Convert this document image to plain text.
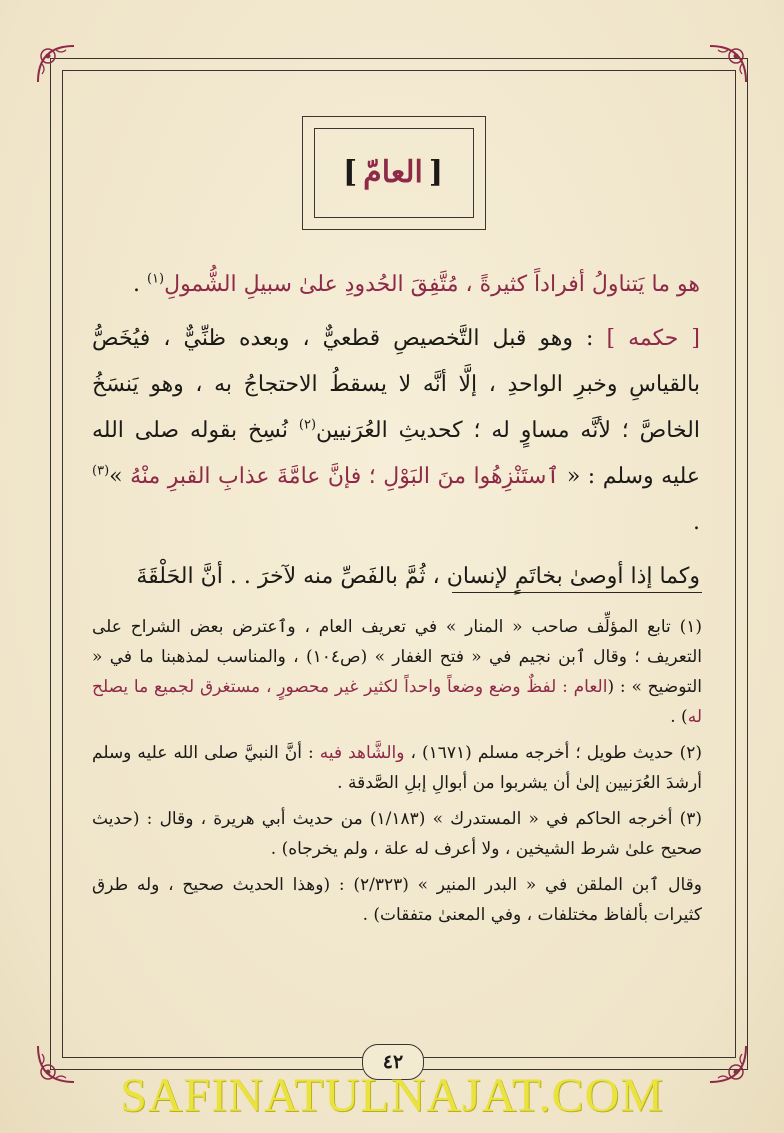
[
العامّ
]

هو ما يَتناولُ أفراداً كثيرةً ، مُتَّفِقَ الحُدودِ علىٰ سبيلِ الشُّمولِ$^{(١)}$ .

[ حكمه ] : وهو قبل التَّخصيصِ قطعيٌّ ، وبعده ظنِّيٌّ ، فيُخَصُّ بالقياسِ وخبرِ الواحدِ ، إلَّا أنَّه لا يسقطُ الاحتجاجُ به ، وهو يَنسَخُ الخاصَّ ؛ لأنَّه مساوٍ له ؛ كحديثِ العُرَنيين$^{(٢)}$ نُسِخ بقوله صلى الله عليه وسلم : « ٱستَنْزِهُوا منَ البَوْلِ ؛ فإنَّ عامَّةَ عذابِ القبرِ منْهُ »$^{(٣)}$ .

وكما إذا أوصىٰ بخاتَمٍ لإنسان ، ثُمَّ بالفَصِّ منه لآخرَ . . أنَّ الحَلْقَةَ

(١) تابع المؤلِّف صاحب « المنار » في تعريف العام ، وٱعترض بعض الشراح على التعريف ؛ وقال ٱبن نجيم في « فتح الغفار » (ص١٠٤) ، والمناسب لمذهبنا ما في « التوضيح » : (العام : لفظٌ وضع وضعاً واحداً لكثير غير محصورٍ ، مستغرق لجميع ما يصلح له) .

(٢) حديث طويل ؛ أخرجه مسلم (١٦٧١) ، والشَّاهد فيه : أنَّ النبيَّ صلى الله عليه وسلم أرشدَ العُرَنيين إلىٰ أن يشربوا من أبوالِ إبلِ الصَّدقة .

(٣) أخرجه الحاكم في « المستدرك » (١/١٨٣) من حديث أبي هريرة ، وقال : (حديث صحيح علىٰ شرط الشيخين ، ولا أعرف له علة ، ولم يخرجاه) .

وقال ٱبن الملقن في « البدر المنير » (٢/٣٢٣) : (وهذا الحديث صحيح ، وله طرق كثيرات بألفاظ مختلفات ، وفي المعنىٰ متفقات) .

٤٢
SAFINATULNAJAT.COM
